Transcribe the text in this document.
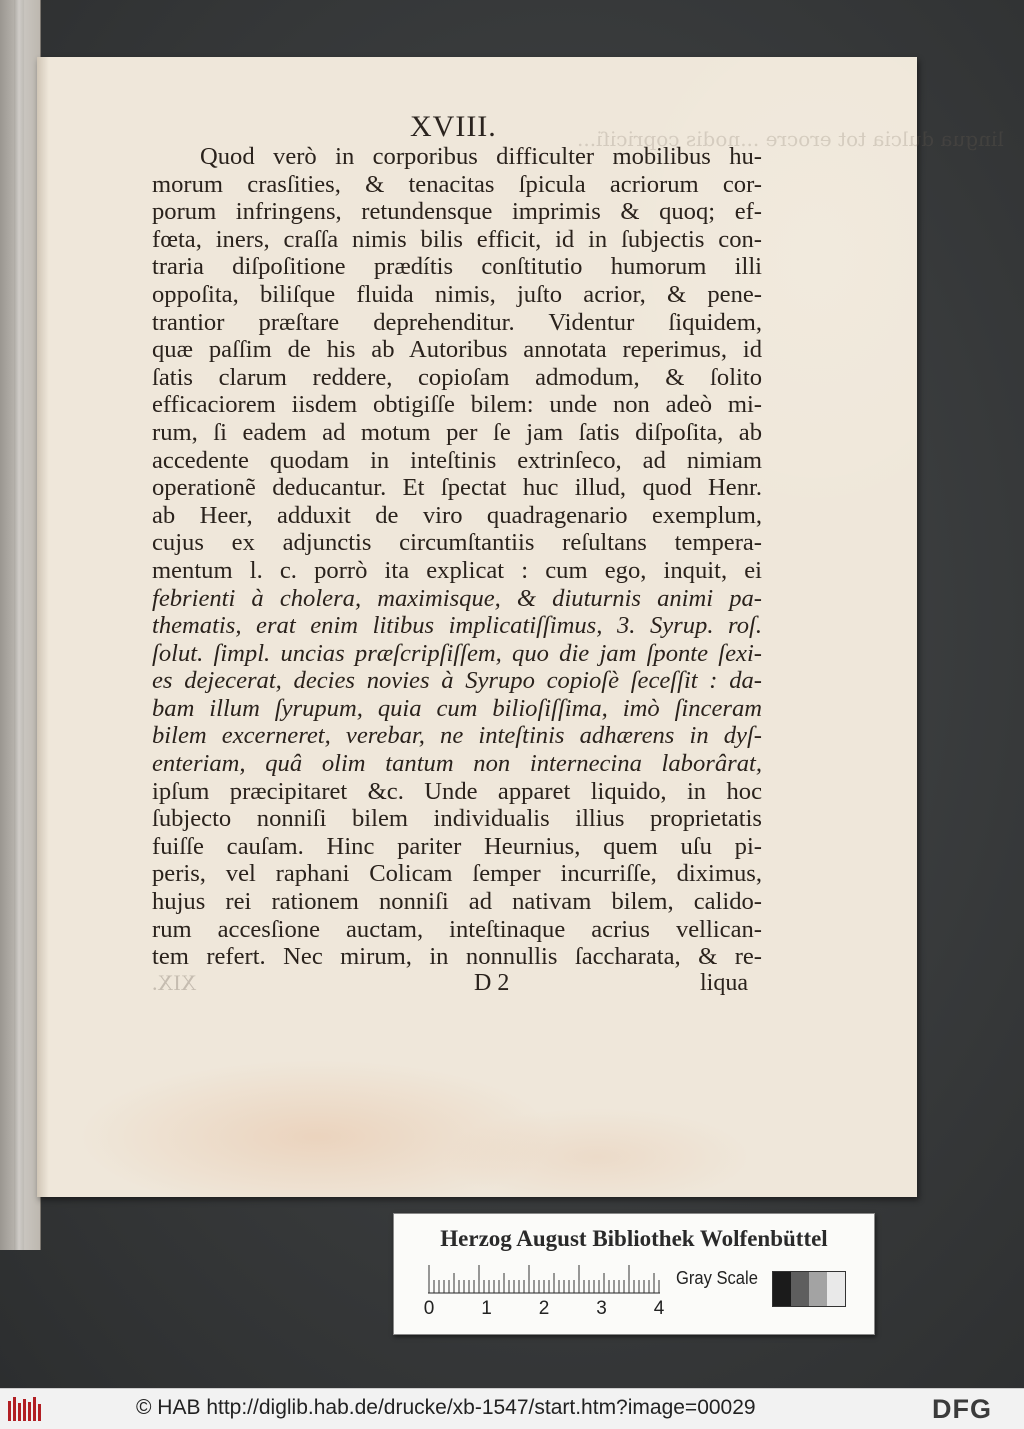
lingua dulcia tot erocre ...nodis copriciſi...
XVIII.
Quod verò in corporibus difficulter mobilibus hu-
morum crasſities, & tenacitas ſpicula acriorum cor-
porum infringens, retundensque imprimis & quoq; ef-
fœta, iners, craſſa nimis bilis efficit, id in ſubjectis con-
traria diſpoſitione prædítis conſtitutio humorum illi
oppoſita, biliſque fluida nimis, juſto acrior, & pene-
trantior præſtare deprehenditur. Videntur ſiquidem,
quæ paſſim de his ab Autoribus annotata reperimus, id
ſatis clarum reddere, copioſam admodum, & ſolito
efficaciorem iisdem obtigiſſe bilem: unde non adeò mi-
rum, ſi eadem ad motum per ſe jam ſatis diſpoſita, ab
accedente quodam in inteſtinis extrinſeco, ad nimiam
operationẽ deducantur. Et ſpectat huc illud, quod Henr.
ab Heer, adduxit de viro quadragenario exemplum,
cujus ex adjunctis circumſtantiis reſultans tempera-
mentum l. c. porrò ita explicat : cum ego, inquit, ei
febrienti à cholera, maximisque, & diuturnis animi pa-
thematis, erat enim litibus implicatiſſimus, 3. Syrup. roſ.
ſolut. ſimpl. uncias præſcripſiſſem, quo die jam ſponte ſexi-
es dejecerat, decies novies à Syrupo copioſè ſeceſſit : da-
bam illum ſyrupum, quia cum bilioſiſſima, imò ſinceram
bilem excerneret, verebar, ne inteſtinis adhærens in dyſ-
enteriam, quâ olim tantum non internecina laborârat,
ipſum præcipitaret &c. Unde apparet liquido, in hoc
ſubjecto nonniſi bilem individualis illius proprietatis
fuiſſe cauſam. Hinc pariter Heurnius, quem uſu pi-
peris, vel raphani Colicam ſemper incurriſſe, diximus,
hujus rei rationem nonniſi ad nativam bilem, calido-
rum accesſione auctam, inteſtinaque acrius vellican-
tem refert. Nec mirum, in nonnullis ſaccharata, & re-
XIX.	D 2	liqua
Herzog August Bibliothek Wolfenbüttel
0 1 2 3 4
Gray Scale
© HAB http://diglib.hab.de/drucke/xb-1547/start.htm?image=00029	DFG
